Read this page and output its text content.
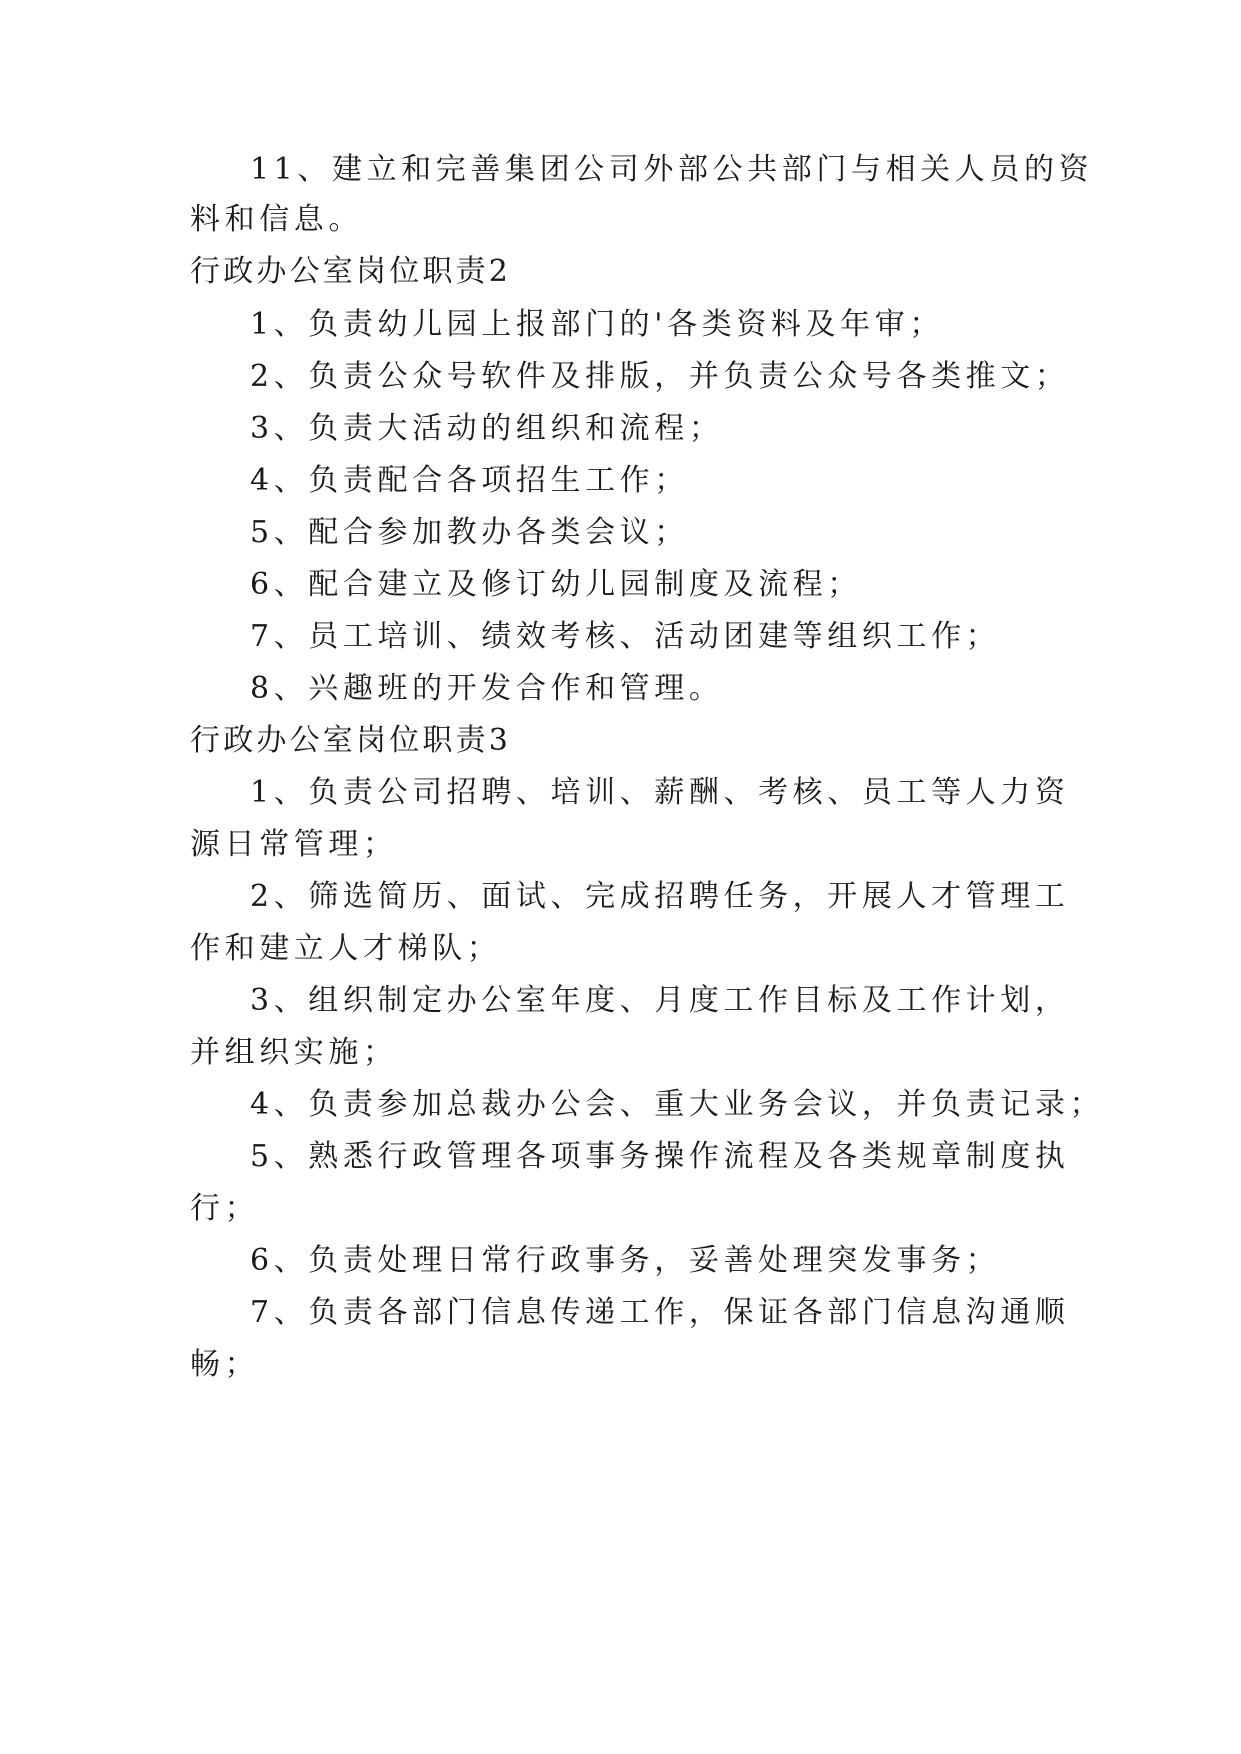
11、建立和完善集团公司外部公共部门与相关人员的资
料和信息。
行政办公室岗位职责2
1、负责幼儿园上报部门的'各类资料及年审；
2、负责公众号软件及排版，并负责公众号各类推文；
3、负责大活动的组织和流程；
4、负责配合各项招生工作；
5、配合参加教办各类会议；
6、配合建立及修订幼儿园制度及流程；
7、员工培训、绩效考核、活动团建等组织工作；
8、兴趣班的开发合作和管理。
行政办公室岗位职责3
1、负责公司招聘、培训、薪酬、考核、员工等人力资
源日常管理；
2、筛选简历、面试、完成招聘任务，开展人才管理工
作和建立人才梯队；
3、组织制定办公室年度、月度工作目标及工作计划，
并组织实施；
4、负责参加总裁办公会、重大业务会议，并负责记录；
5、熟悉行政管理各项事务操作流程及各类规章制度执
行；
6、负责处理日常行政事务，妥善处理突发事务；
7、负责各部门信息传递工作，保证各部门信息沟通顺
畅；
